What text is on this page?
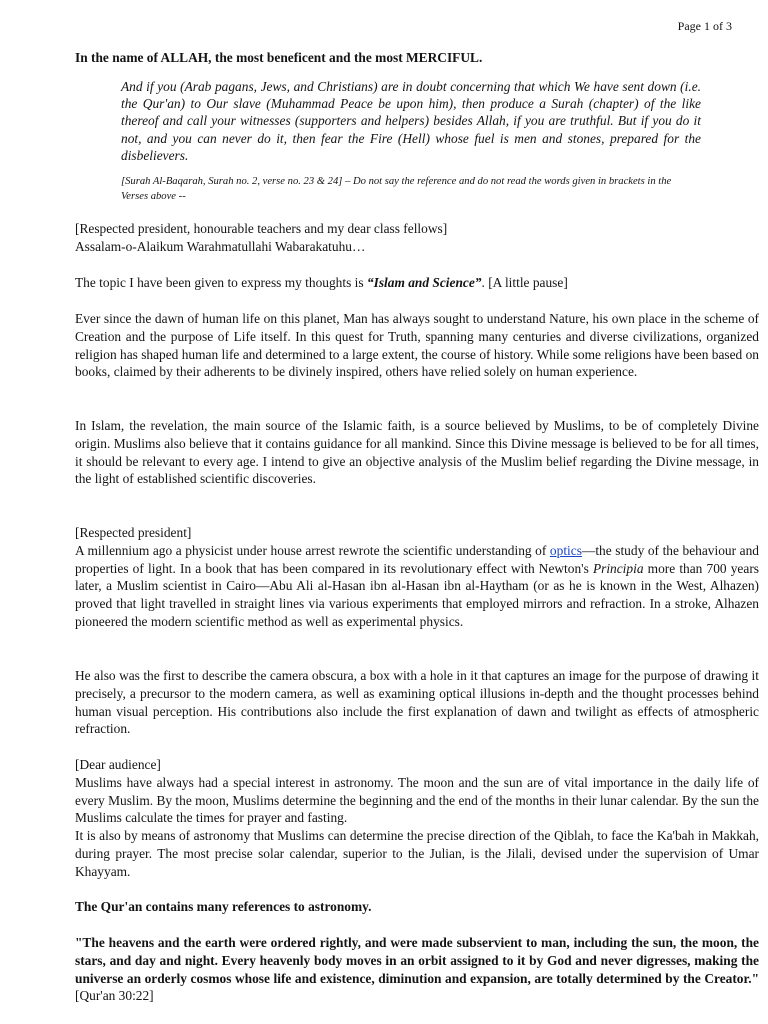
Page 1 of 3
In the name of ALLAH, the most beneficent and the most MERCIFUL.
And if you (Arab pagans, Jews, and Christians) are in doubt concerning that which We have sent down (i.e. the Qur'an) to Our slave (Muhammad Peace be upon him), then produce a Surah (chapter) of the like thereof and call your witnesses (supporters and helpers) besides Allah, if you are truthful. But if you do it not, and you can never do it, then fear the Fire (Hell) whose fuel is men and stones, prepared for the disbelievers.
[Surah Al-Baqarah, Surah no. 2, verse no. 23 & 24] – Do not say the reference and do not read the words given in brackets in the Verses above --
[Respected president, honourable teachers and my dear class fellows]
Assalam-o-Alaikum Warahmatullahi Wabarakatuhu…
The topic I have been given to express my thoughts is “Islam and Science”. [A little pause]
Ever since the dawn of human life on this planet, Man has always sought to understand Nature, his own place in the scheme of Creation and the purpose of Life itself. In this quest for Truth, spanning many centuries and diverse civilizations, organized religion has shaped human life and determined to a large extent, the course of history. While some religions have been based on books, claimed by their adherents to be divinely inspired, others have relied solely on human experience.
In Islam, the revelation, the main source of the Islamic faith, is a source believed by Muslims, to be of completely Divine origin. Muslims also believe that it contains guidance for all mankind. Since this Divine message is believed to be for all times, it should be relevant to every age. I intend to give an objective analysis of the Muslim belief regarding the Divine message, in the light of established scientific discoveries.
[Respected president]
A millennium ago a physicist under house arrest rewrote the scientific understanding of optics—the study of the behaviour and properties of light. In a book that has been compared in its revolutionary effect with Newton's Principia more than 700 years later, a Muslim scientist in Cairo—Abu Ali al-Hasan ibn al-Hasan ibn al-Haytham (or as he is known in the West, Alhazen) proved that light travelled in straight lines via various experiments that employed mirrors and refraction. In a stroke, Alhazen pioneered the modern scientific method as well as experimental physics.
He also was the first to describe the camera obscura, a box with a hole in it that captures an image for the purpose of drawing it precisely, a precursor to the modern camera, as well as examining optical illusions in-depth and the thought processes behind human visual perception. His contributions also include the first explanation of dawn and twilight as effects of atmospheric refraction.
[Dear audience]
Muslims have always had a special interest in astronomy. The moon and the sun are of vital importance in the daily life of every Muslim. By the moon, Muslims determine the beginning and the end of the months in their lunar calendar. By the sun the Muslims calculate the times for prayer and fasting.
It is also by means of astronomy that Muslims can determine the precise direction of the Qiblah, to face the Ka'bah in Makkah, during prayer. The most precise solar calendar, superior to the Julian, is the Jilali, devised under the supervision of Umar Khayyam.
The Qur'an contains many references to astronomy.
"The heavens and the earth were ordered rightly, and were made subservient to man, including the sun, the moon, the stars, and day and night. Every heavenly body moves in an orbit assigned to it by God and never digresses, making the universe an orderly cosmos whose life and existence, diminution and expansion, are totally determined by the Creator." [Qur'an 30:22]
